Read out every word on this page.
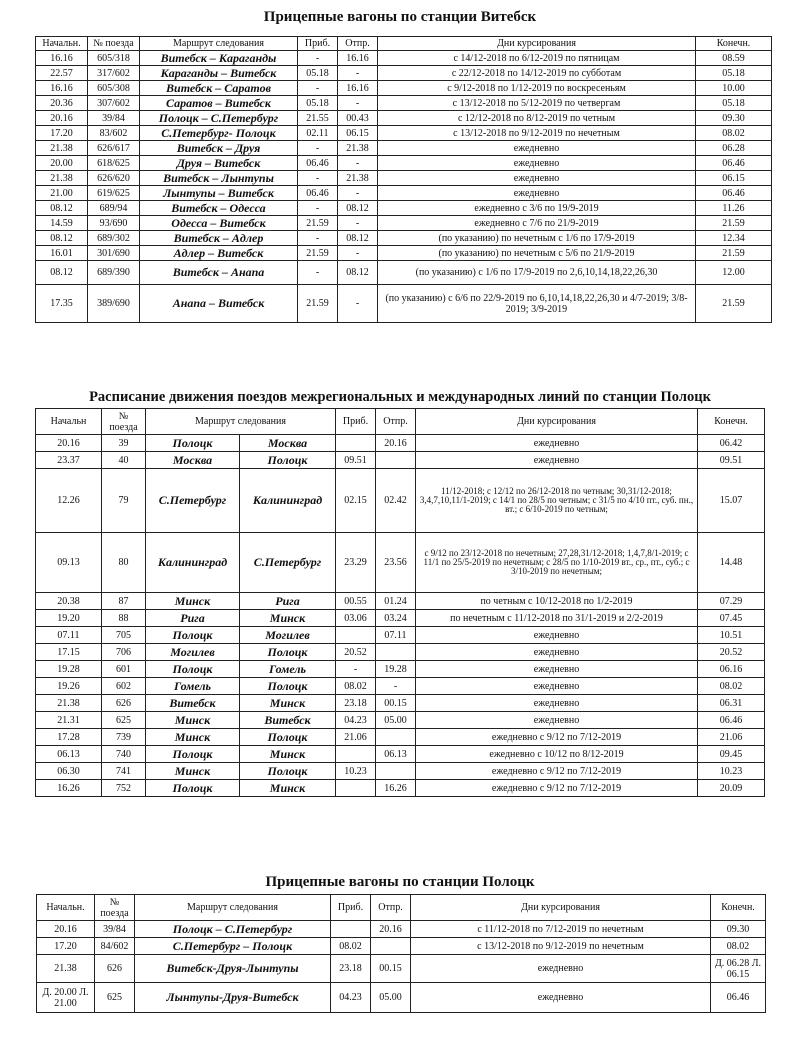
Прицепные вагоны по станции Витебск
Начальн.	№ поезда	Маршрут следования	Приб.	Отпр.	Дни курсирования	Конечн.
16.16	605/318	Витебск – Караганды	-	16.16	с 14/12-2018 по 6/12-2019 по пятницам	08.59
22.57	317/602	Караганды – Витебск	05.18	-	с 22/12-2018 по 14/12-2019 по субботам	05.18
16.16	605/308	Витебск – Саратов	-	16.16	с 9/12-2018 по 1/12-2019 по воскресеньям	10.00
20.36	307/602	Саратов – Витебск	05.18	-	с 13/12-2018 по 5/12-2019 по четвергам	05.18
20.16	39/84	Полоцк – С.Петербург	21.55	00.43	с 12/12-2018 по 8/12-2019 по четным	09.30
17.20	83/602	С.Петербург- Полоцк	02.11	06.15	с 13/12-2018 по 9/12-2019 по нечетным	08.02
21.38	626/617	Витебск – Друя	-	21.38	ежедневно	06.28
20.00	618/625	Друя – Витебск	06.46	-	ежедневно	06.46
21.38	626/620	Витебск – Лынтупы	-	21.38	ежедневно	06.15
21.00	619/625	Лынтупы – Витебск	06.46	-	ежедневно	06.46
08.12	689/94	Витебск – Одесса	-	08.12	ежедневно с 3/6 по 19/9-2019	11.26
14.59	93/690	Одесса – Витебск	21.59	-	ежедневно с 7/6 по 21/9-2019	21.59
08.12	689/302	Витебск – Адлер	-	08.12	(по указанию) по нечетным с 1/6 по 17/9-2019	12.34
16.01	301/690	Адлер – Витебск	21.59	-	(по указанию) по нечетным с 5/6 по 21/9-2019	21.59
08.12	689/390	Витебск – Анапа	-	08.12	(по указанию) с 1/6 по 17/9-2019 по 2,6,10,14,18,22,26,30	12.00
17.35	389/690	Анапа – Витебск	21.59	-	(по указанию) с 6/6 по 22/9-2019 по 6,10,14,18,22,26,30 и 4/7-2019; 3/8-2019; 3/9-2019	21.59
Расписание движения поездов межрегиональных и международных линий по станции Полоцк
Начальн	№ поезда	Маршрут следования		Приб.	Отпр.	Дни курсирования	Конечн.
20.16	39	Полоцк	Москва		20.16	ежедневно	06.42
23.37	40	Москва	Полоцк	09.51		ежедневно	09.51
12.26	79	С.Петербург	Калининград	02.15	02.42	11/12-2018; с 12/12 по 26/12-2018 по четным; 30,31/12-2018; 3,4,7,10,11/1-2019; с 14/1 по 28/5 по четным; с 31/5 по 4/10 пт., суб. пн., вт.; с 6/10-2019 по четным;	15.07
09.13	80	Калининград	С.Петербург	23.29	23.56	с 9/12 по 23/12-2018 по нечетным; 27,28,31/12-2018; 1,4,7,8/1-2019; с 11/1 по 25/5-2019 по нечетным; с 28/5 по 1/10-2019 вт., ср., пт., суб.; с 3/10-2019 по нечетным;	14.48
20.38	87	Минск	Рига	00.55	01.24	по четным с 10/12-2018 по 1/2-2019	07.29
19.20	88	Рига	Минск	03.06	03.24	по нечетным с 11/12-2018 по 31/1-2019 и 2/2-2019	07.45
07.11	705	Полоцк	Могилев		07.11	ежедневно	10.51
17.15	706	Могилев	Полоцк	20.52		ежедневно	20.52
19.28	601	Полоцк	Гомель	-	19.28	ежедневно	06.16
19.26	602	Гомель	Полоцк	08.02	-	ежедневно	08.02
21.38	626	Витебск	Минск	23.18	00.15	ежедневно	06.31
21.31	625	Минск	Витебск	04.23	05.00	ежедневно	06.46
17.28	739	Минск	Полоцк	21.06		ежедневно с 9/12 по 7/12-2019	21.06
06.13	740	Полоцк	Минск		06.13	ежедневно с 10/12 по 8/12-2019	09.45
06.30	741	Минск	Полоцк	10.23		ежедневно с 9/12 по 7/12-2019	10.23
16.26	752	Полоцк	Минск		16.26	ежедневно с 9/12 по 7/12-2019	20.09
Прицепные вагоны по станции Полоцк
Начальн.	№ поезда	Маршрут следования	Приб.	Отпр.	Дни курсирования	Конечн.
20.16	39/84	Полоцк – С.Петербург		20.16	с 11/12-2018 по 7/12-2019 по нечетным	09.30
17.20	84/602	С.Петербург – Полоцк	08.02		с 13/12-2018 по 9/12-2019 по нечетным	08.02
21.38	626	Витебск-Друя-Лынтупы	23.18	00.15	ежедневно	Д. 06.28 Л. 06.15
Д. 20.00 Л. 21.00	625	Лынтупы-Друя-Витебск	04.23	05.00	ежедневно	06.46
